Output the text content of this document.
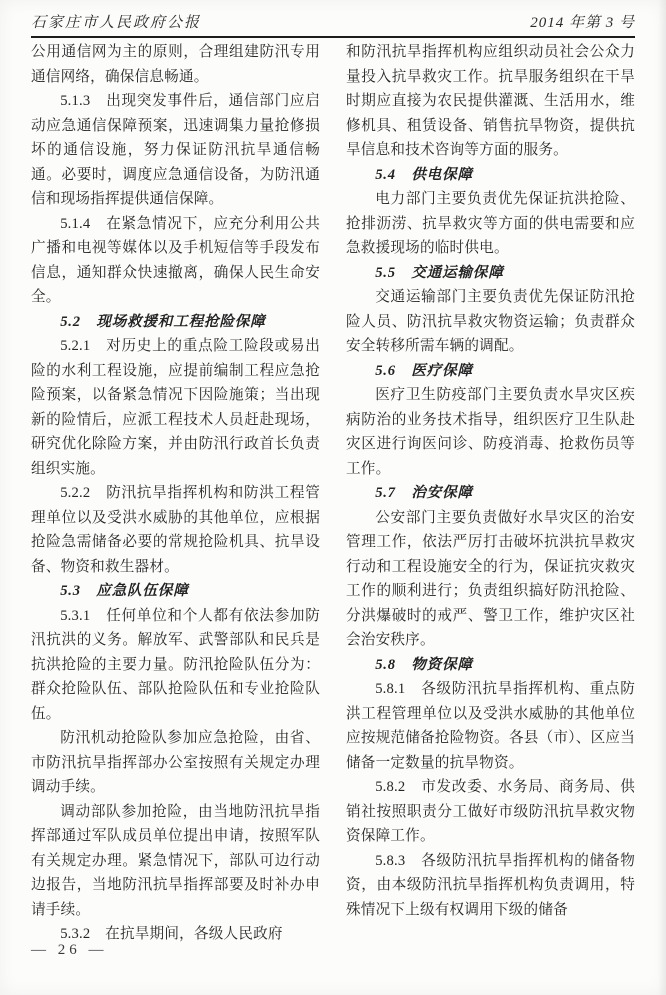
石家庄市人民政府公报	2014 年第 3 号

公用通信网为主的原则，合理组建防汛专用通信网络，确保信息畅通。

5.1.3　出现突发事件后，通信部门应启动应急通信保障预案，迅速调集力量抢修损坏的通信设施，努力保证防汛抗旱通信畅通。必要时，调度应急通信设备，为防汛通信和现场指挥提供通信保障。

5.1.4　在紧急情况下，应充分利用公共广播和电视等媒体以及手机短信等手段发布信息，通知群众快速撤离，确保人民生命安全。

5.2　现场救援和工程抢险保障

5.2.1　对历史上的重点险工险段或易出险的水利工程设施，应提前编制工程应急抢险预案，以备紧急情况下因险施策；当出现新的险情后，应派工程技术人员赶赴现场，研究优化除险方案，并由防汛行政首长负责组织实施。

5.2.2　防汛抗旱指挥机构和防洪工程管理单位以及受洪水威胁的其他单位，应根据抢险急需储备必要的常规抢险机具、抗旱设备、物资和救生器材。

5.3　应急队伍保障

5.3.1　任何单位和个人都有依法参加防汛抗洪的义务。解放军、武警部队和民兵是抗洪抢险的主要力量。防汛抢险队伍分为：群众抢险队伍、部队抢险队伍和专业抢险队伍。

防汛机动抢险队参加应急抢险，由省、市防汛抗旱指挥部办公室按照有关规定办理调动手续。

调动部队参加抢险，由当地防汛抗旱指挥部通过军队成员单位提出申请，按照军队有关规定办理。紧急情况下，部队可边行动边报告，当地防汛抗旱指挥部要及时补办申请手续。

5.3.2　在抗旱期间，各级人民政府

和防汛抗旱指挥机构应组织动员社会公众力量投入抗旱救灾工作。抗旱服务组织在干旱时期应直接为农民提供灌溉、生活用水，维修机具、租赁设备、销售抗旱物资，提供抗旱信息和技术咨询等方面的服务。

5.4　供电保障

电力部门主要负责优先保证抗洪抢险、抢排沥涝、抗旱救灾等方面的供电需要和应急救援现场的临时供电。

5.5　交通运输保障

交通运输部门主要负责优先保证防汛抢险人员、防汛抗旱救灾物资运输；负责群众安全转移所需车辆的调配。

5.6　医疗保障

医疗卫生防疫部门主要负责水旱灾区疾病防治的业务技术指导，组织医疗卫生队赴灾区进行询医问诊、防疫消毒、抢救伤员等工作。

5.7　治安保障

公安部门主要负责做好水旱灾区的治安管理工作，依法严厉打击破坏抗洪抗旱救灾行动和工程设施安全的行为，保证抗灾救灾工作的顺利进行；负责组织搞好防汛抢险、分洪爆破时的戒严、警卫工作，维护灾区社会治安秩序。

5.8　物资保障

5.8.1　各级防汛抗旱指挥机构、重点防洪工程管理单位以及受洪水威胁的其他单位应按规范储备抢险物资。各县（市）、区应当储备一定数量的抗旱物资。

5.8.2　市发改委、水务局、商务局、供销社按照职责分工做好市级防汛抗旱救灾物资保障工作。

5.8.3　各级防汛抗旱指挥机构的储备物资，由本级防汛抗旱指挥机构负责调用，特殊情况下上级有权调用下级的储备

— 26 —
